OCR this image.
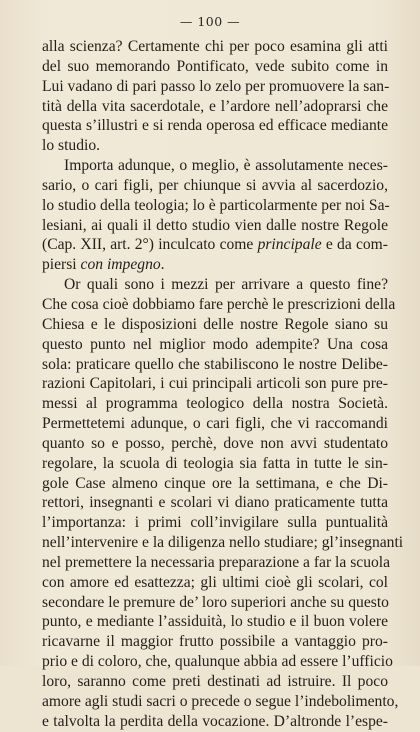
— 100 —
alla scienza? Certamente chi per poco esamina gli atti
del suo memorando Pontificato, vede subito come in
Lui vadano di pari passo lo zelo per promuovere la san-
tità della vita sacerdotale, e l’ardore nell’adoprarsi che
questa s’illustri e si renda operosa ed efficace mediante
lo studio.
Importa adunque, o meglio, è assolutamente neces-
sario, o cari figli, per chiunque si avvia al sacerdozio,
lo studio della teologia; lo è particolarmente per noi Sa-
lesiani, ai quali il detto studio vien dalle nostre Regole
(Cap. XII, art. 2°) inculcato come principale e da com-
piersi con impegno.
Or quali sono i mezzi per arrivare a questo fine?
Che cosa cioè dobbiamo fare perchè le prescrizioni della
Chiesa e le disposizioni delle nostre Regole siano su
questo punto nel miglior modo adempite? Una cosa
sola: praticare quello che stabiliscono le nostre Delibe-
razioni Capitolari, i cui principali articoli son pure pre-
messi al programma teologico della nostra Società.
Permettetemi adunque, o cari figli, che vi raccomandi
quanto so e posso, perchè, dove non avvi studentato
regolare, la scuola di teologia sia fatta in tutte le sin-
gole Case almeno cinque ore la settimana, e che Di-
rettori, insegnanti e scolari vi diano praticamente tutta
l’importanza: i primi coll’invigilare sulla puntualità
nell’intervenire e la diligenza nello studiare; gl’insegnanti
nel premettere la necessaria preparazione a far la scuola
con amore ed esattezza; gli ultimi cioè gli scolari, col
secondare le premure de’ loro superiori anche su questo
punto, e mediante l’assiduità, lo studio e il buon volere
ricavarne il maggior frutto possibile a vantaggio pro-
prio e di coloro, che, qualunque abbia ad essere l’ufficio
loro, saranno come preti destinati ad istruire. Il poco
amore agli studi sacri o precede o segue l’indebolimento,
e talvolta la perdita della vocazione. D’altronde l’espe-
